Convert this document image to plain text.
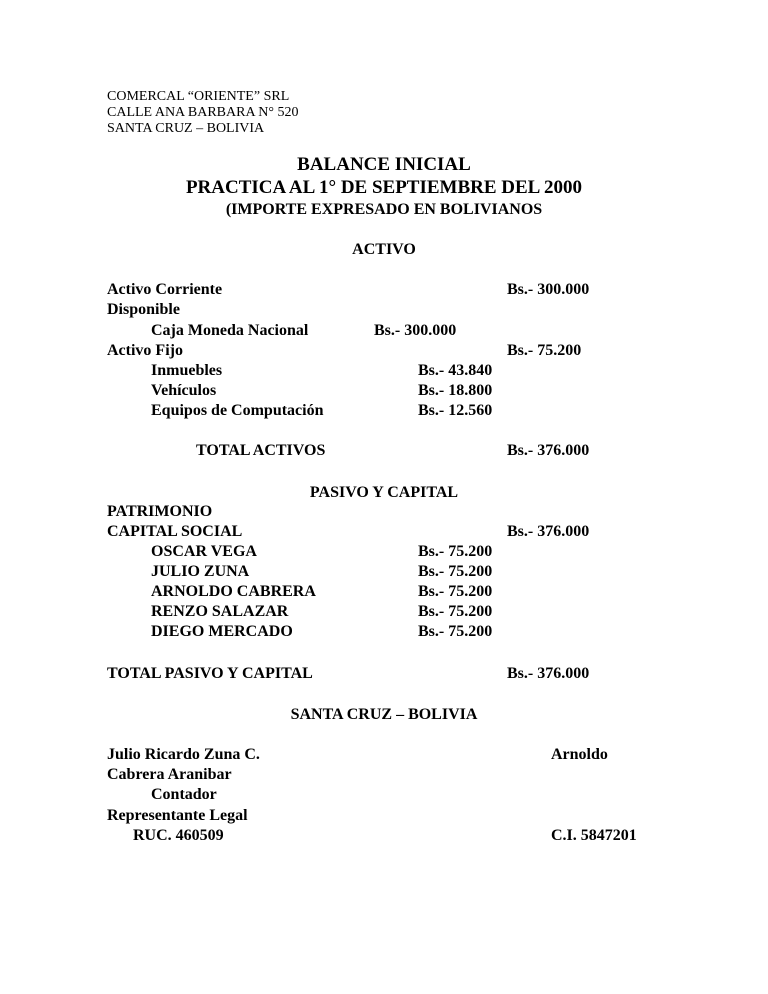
COMERCAL “ORIENTE” SRL
CALLE ANA BARBARA N° 520
SANTA CRUZ – BOLIVIA
BALANCE INICIAL
PRACTICA AL 1° DE SEPTIEMBRE DEL 2000
(IMPORTE EXPRESADO EN BOLIVIANOS
ACTIVO
Activo Corriente	Bs.- 300.000
Disponible
Caja Moneda Nacional	Bs.- 300.000
Activo Fijo	Bs.- 75.200
Inmuebles	Bs.- 43.840
Vehículos	Bs.- 18.800
Equipos de Computación	Bs.- 12.560
TOTAL ACTIVOS	Bs.- 376.000
PASIVO Y CAPITAL
PATRIMONIO
CAPITAL SOCIAL	Bs.- 376.000
OSCAR VEGA	Bs.- 75.200
JULIO ZUNA	Bs.- 75.200
ARNOLDO CABRERA	Bs.- 75.200
RENZO SALAZAR	Bs.- 75.200
DIEGO MERCADO	Bs.- 75.200
TOTAL PASIVO Y CAPITAL	Bs.- 376.000
SANTA CRUZ – BOLIVIA
Julio Ricardo Zuna C.	Arnoldo
Cabrera Aranibar
Contador
Representante Legal
RUC. 460509	C.I. 5847201
